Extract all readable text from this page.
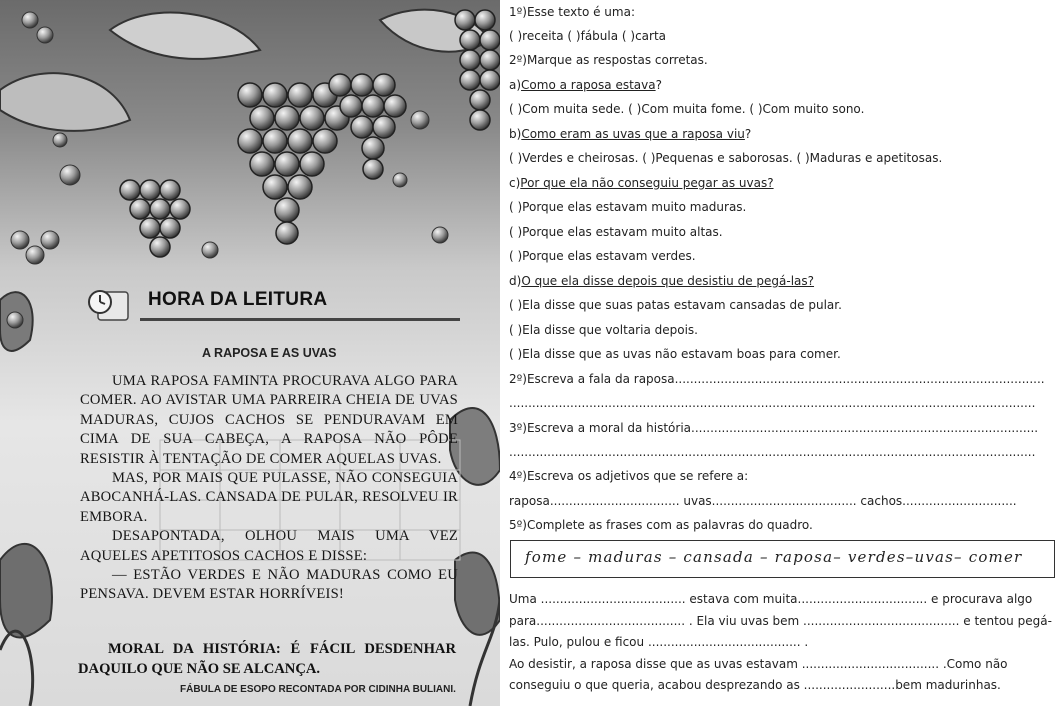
HORA DA LEITURA
A RAPOSA E AS UVAS

UMA RAPOSA FAMINTA PROCURAVA ALGO PARA COMER. AO AVISTAR UMA PARREIRA CHEIA DE UVAS MADURAS, CUJOS CACHOS SE PENDURAVAM EM CIMA DE SUA CABEÇA, A RAPOSA NÃO PÔDE RESISTIR À TENTAÇÃO DE COMER AQUELAS UVAS.

MAS, POR MAIS QUE PULASSE, NÃO CONSEGUIA ABOCANHÁ-LAS. CANSADA DE PULAR, RESOLVEU IR EMBORA.

DESAPONTADA, OLHOU MAIS UMA VEZ AQUELES APETITOSOS CACHOS E DISSE:

— ESTÃO VERDES E NÃO MADURAS COMO EU PENSAVA. DEVEM ESTAR HORRÍVEIS!

MORAL DA HISTÓRIA: É FÁCIL DESDENHAR DAQUILO QUE NÃO SE ALCANÇA.
FÁBULA DE ESOPO RECONTADA POR CIDINHA BULIANI.
1º)Esse texto é uma:
( )receita ( )fábula ( )carta
2º)Marque as respostas corretas.
a)Como a raposa estava?
( )Com muita sede. ( )Com muita fome. ( )Com muito sono.
b)Como eram as uvas que a raposa viu?
( )Verdes e cheirosas. ( )Pequenas e saborosas. ( )Maduras e apetitosas.
c)Por que ela não conseguiu pegar as uvas?
( )Porque elas estavam muito maduras.
( )Porque elas estavam muito altas.
( )Porque elas estavam verdes.
d)O que ela disse depois que desistiu de pegá-las?
( )Ela disse que suas patas estavam cansadas de pular.
( )Ela disse que voltaria depois.
( )Ela disse que as uvas não estavam boas para comer.
2º)Escreva a fala da raposa.................................................................................................
..........................................................................................................................................
3º)Escreva a moral da história...........................................................................................
..........................................................................................................................................
4º)Escreva os adjetivos que se refere a:
raposa.................................. uvas...................................... cachos..............................
5º)Complete as frases com as palavras do quadro.
fome – maduras – cansada – raposa– verdes–uvas– comer
Uma ...................................... estava com muita.................................. e procurava algo
para....................................... . Ela viu uvas bem ......................................... e tentou pegá-
las. Pulo, pulou e ficou ........................................ .
Ao desistir, a raposa disse que as uvas estavam .................................... .Como não
conseguiu o que queria, acabou desprezando as ........................bem madurinhas.
